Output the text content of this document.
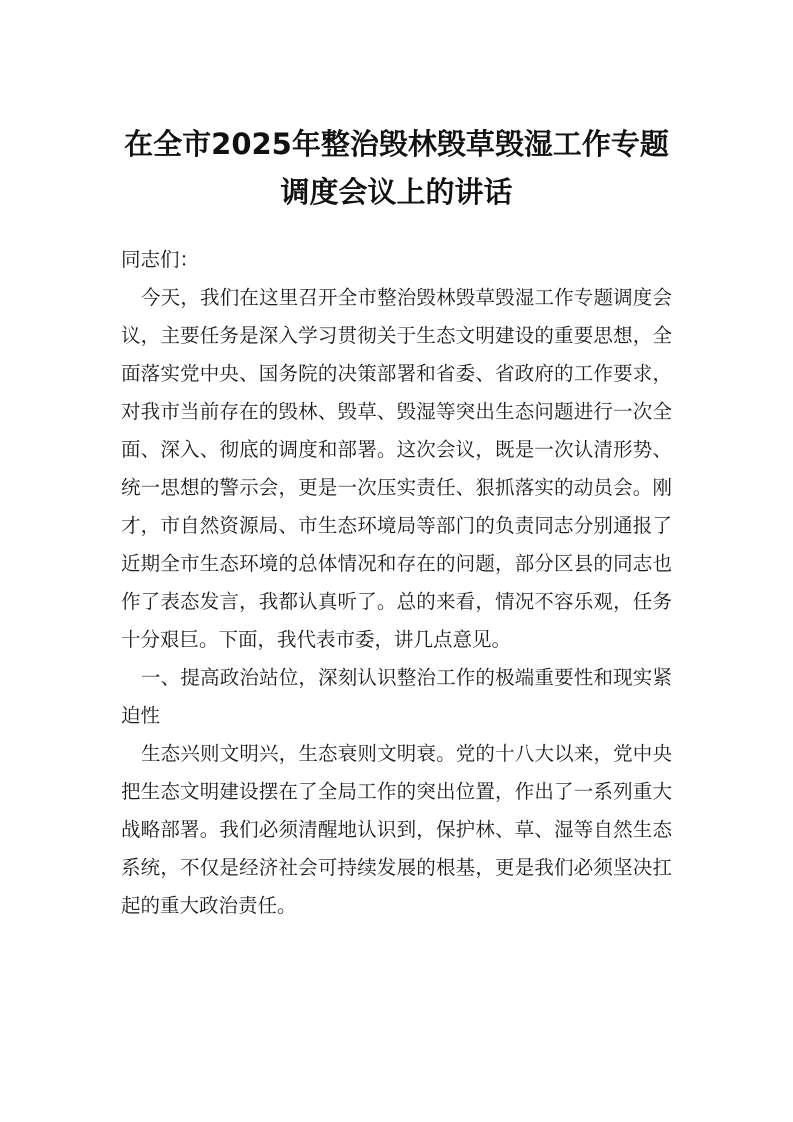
在全市2025年整治毁林毁草毁湿工作专题
调度会议上的讲话

同志们：

今天，我们在这里召开全市整治毁林毁草毁湿工作专题调度会议，主要任务是深入学习贯彻关于生态文明建设的重要思想，全面落实党中央、国务院的决策部署和省委、省政府的工作要求，对我市当前存在的毁林、毁草、毁湿等突出生态问题进行一次全面、深入、彻底的调度和部署。这次会议，既是一次认清形势、统一思想的警示会，更是一次压实责任、狠抓落实的动员会。刚才，市自然资源局、市生态环境局等部门的负责同志分别通报了近期全市生态环境的总体情况和存在的问题，部分区县的同志也作了表态发言，我都认真听了。总的来看，情况不容乐观，任务十分艰巨。下面，我代表市委，讲几点意见。

一、提高政治站位，深刻认识整治工作的极端重要性和现实紧迫性

生态兴则文明兴，生态衰则文明衰。党的十八大以来，党中央把生态文明建设摆在了全局工作的突出位置，作出了一系列重大战略部署。我们必须清醒地认识到，保护林、草、湿等自然生态系统，不仅是经济社会可持续发展的根基，更是我们必须坚决扛起的重大政治责任。
